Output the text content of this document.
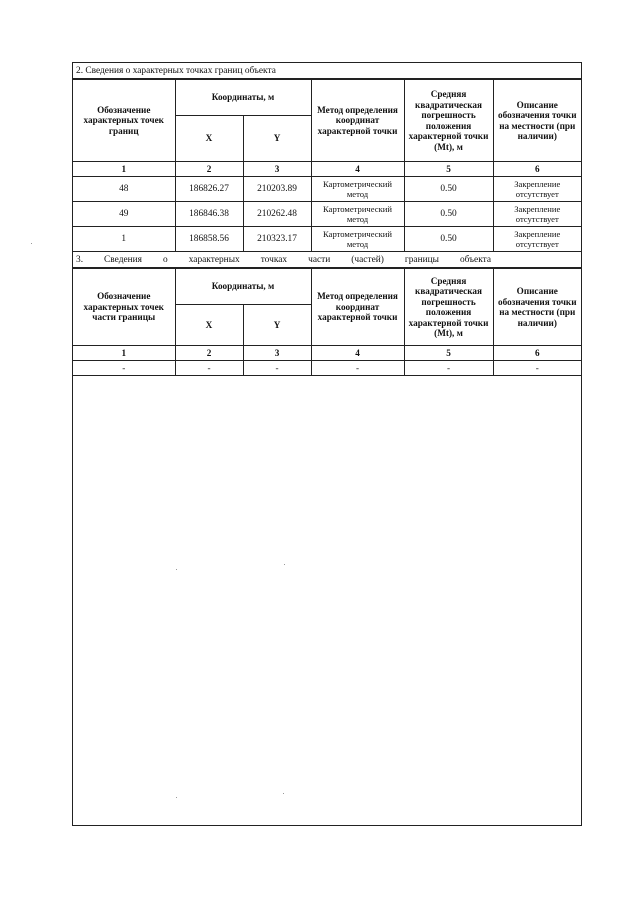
2. Сведения о характерных точках границ объекта
Обозначение характерных точек границ	Координаты, м		Метод определения координат характерной точки	Средняя квадратическая погрешность положения характерной точки (Mt), м	Описание обозначения точки на местности (при наличии)
	X	Y			
1	2	3	4	5	6
48	186826.27	210203.89	Картометрический метод	0.50	Закрепление отсутствует
49	186846.38	210262.48	Картометрический метод	0.50	Закрепление отсутствует
1	186858.56	210323.17	Картометрический метод	0.50	Закрепление отсутствует
3. Сведения о характерных точках части (частей) границы объекта
Обозначение характерных точек части границы	Координаты, м		Метод определения координат характерной точки	Средняя квадратическая погрешность положения характерной точки (Mt), м	Описание обозначения точки на местности (при наличии)
	X	Y			
1	2	3	4	5	6
-	-	-	-	-	-
